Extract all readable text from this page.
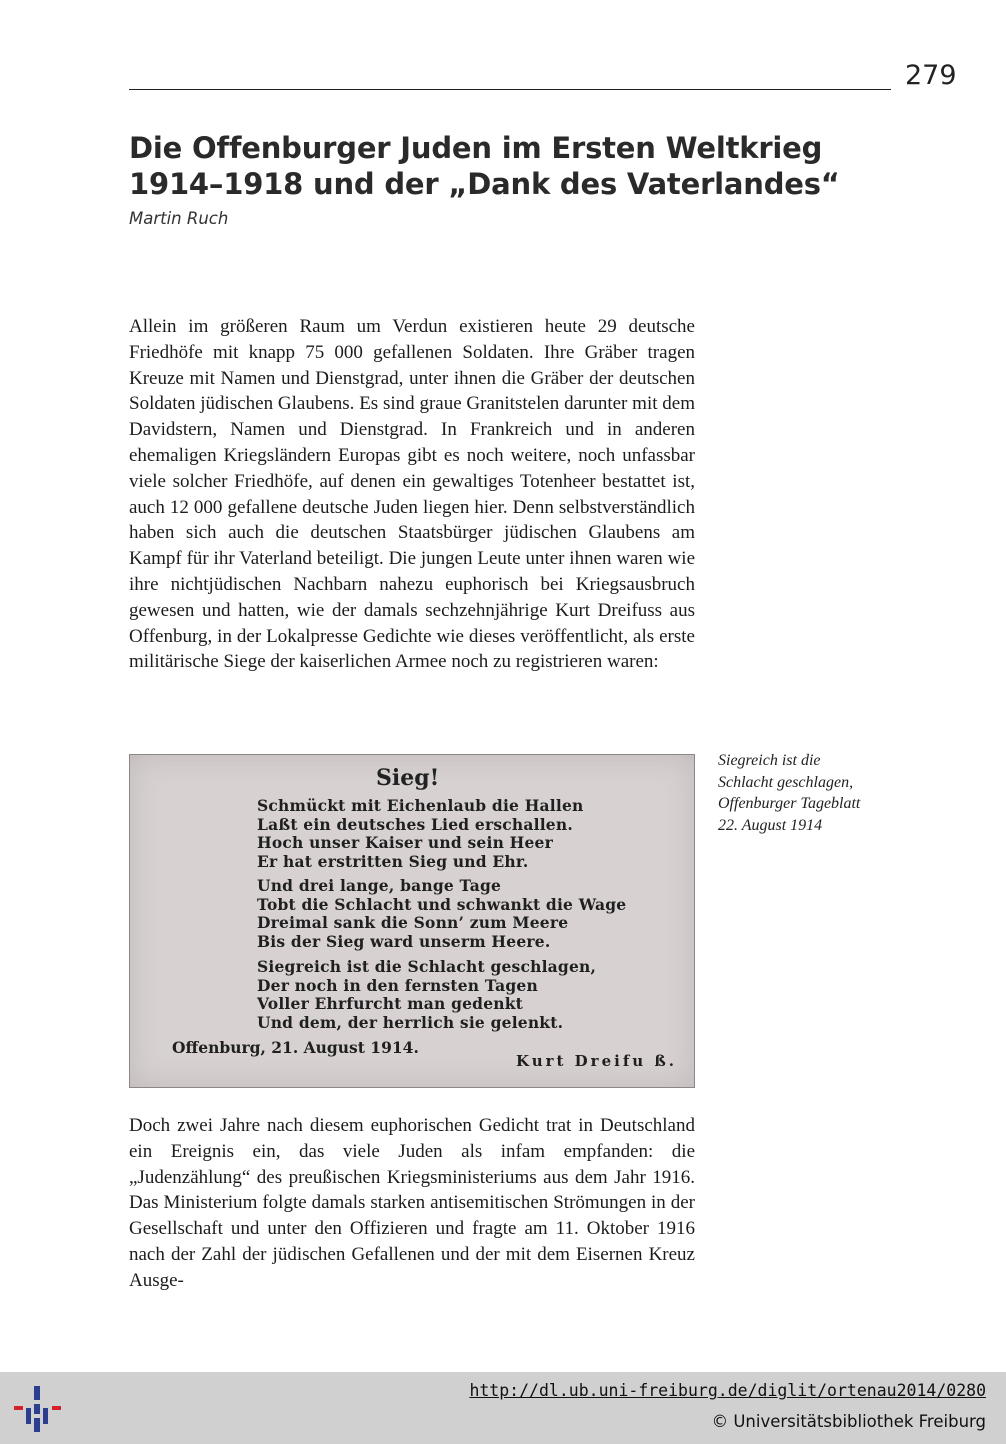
279
Die Offenburger Juden im Ersten Weltkrieg 1914–1918 und der „Dank des Vaterlandes“
Martin Ruch

Allein im größeren Raum um Verdun existieren heute 29 deutsche Friedhöfe mit knapp 75 000 gefallenen Soldaten. Ihre Gräber tragen Kreuze mit Namen und Dienstgrad, unter ihnen die Gräber der deutschen Soldaten jüdischen Glaubens. Es sind graue Granitstelen darunter mit dem Davidstern, Namen und Dienstgrad. In Frankreich und in anderen ehemaligen Kriegsländern Europas gibt es noch weitere, noch unfassbar viele solcher Friedhöfe, auf denen ein gewaltiges Totenheer bestattet ist, auch 12 000 gefallene deutsche Juden liegen hier. Denn selbstverständlich haben sich auch die deutschen Staatsbürger jüdischen Glaubens am Kampf für ihr Vaterland beteiligt. Die jungen Leute unter ihnen waren wie ihre nichtjüdischen Nachbarn nahezu euphorisch bei Kriegsausbruch gewesen und hatten, wie der damals sechzehnjährige Kurt Dreifuss aus Offenburg, in der Lokalpresse Gedichte wie dieses veröffentlicht, als erste militärische Siege der kaiserlichen Armee noch zu registrieren waren:

Sieg!
Schmückt mit Eichenlaub die Hallen
Laßt ein deutsches Lied erschallen.
Hoch unser Kaiser und sein Heer
Er hat erstritten Sieg und Ehr.
Und drei lange, bange Tage
Tobt die Schlacht und schwankt die Wage
Dreimal sank die Sonn’ zum Meere
Bis der Sieg ward unserm Heere.
Siegreich ist die Schlacht geschlagen,
Der noch in den fernsten Tagen
Voller Ehrfurcht man gedenkt
Und dem, der herrlich sie gelenkt.
Offenburg, 21. August 1914.
Kurt Dreifu ß.
Siegreich ist die
Schlacht geschlagen,
Offenburger Tageblatt
22. August 1914

Doch zwei Jahre nach diesem euphorischen Gedicht trat in Deutschland ein Ereignis ein, das viele Juden als infam empfanden: die „Judenzählung“ des preußischen Kriegsministeriums aus dem Jahr 1916. Das Ministerium folgte damals starken antisemitischen Strömungen in der Gesellschaft und unter den Offizieren und fragte am 11. Oktober 1916 nach der Zahl der jüdischen Gefallenen und der mit dem Eisernen Kreuz Ausge-

http://dl.ub.uni-freiburg.de/diglit/ortenau2014/0280
© Universitätsbibliothek Freiburg
